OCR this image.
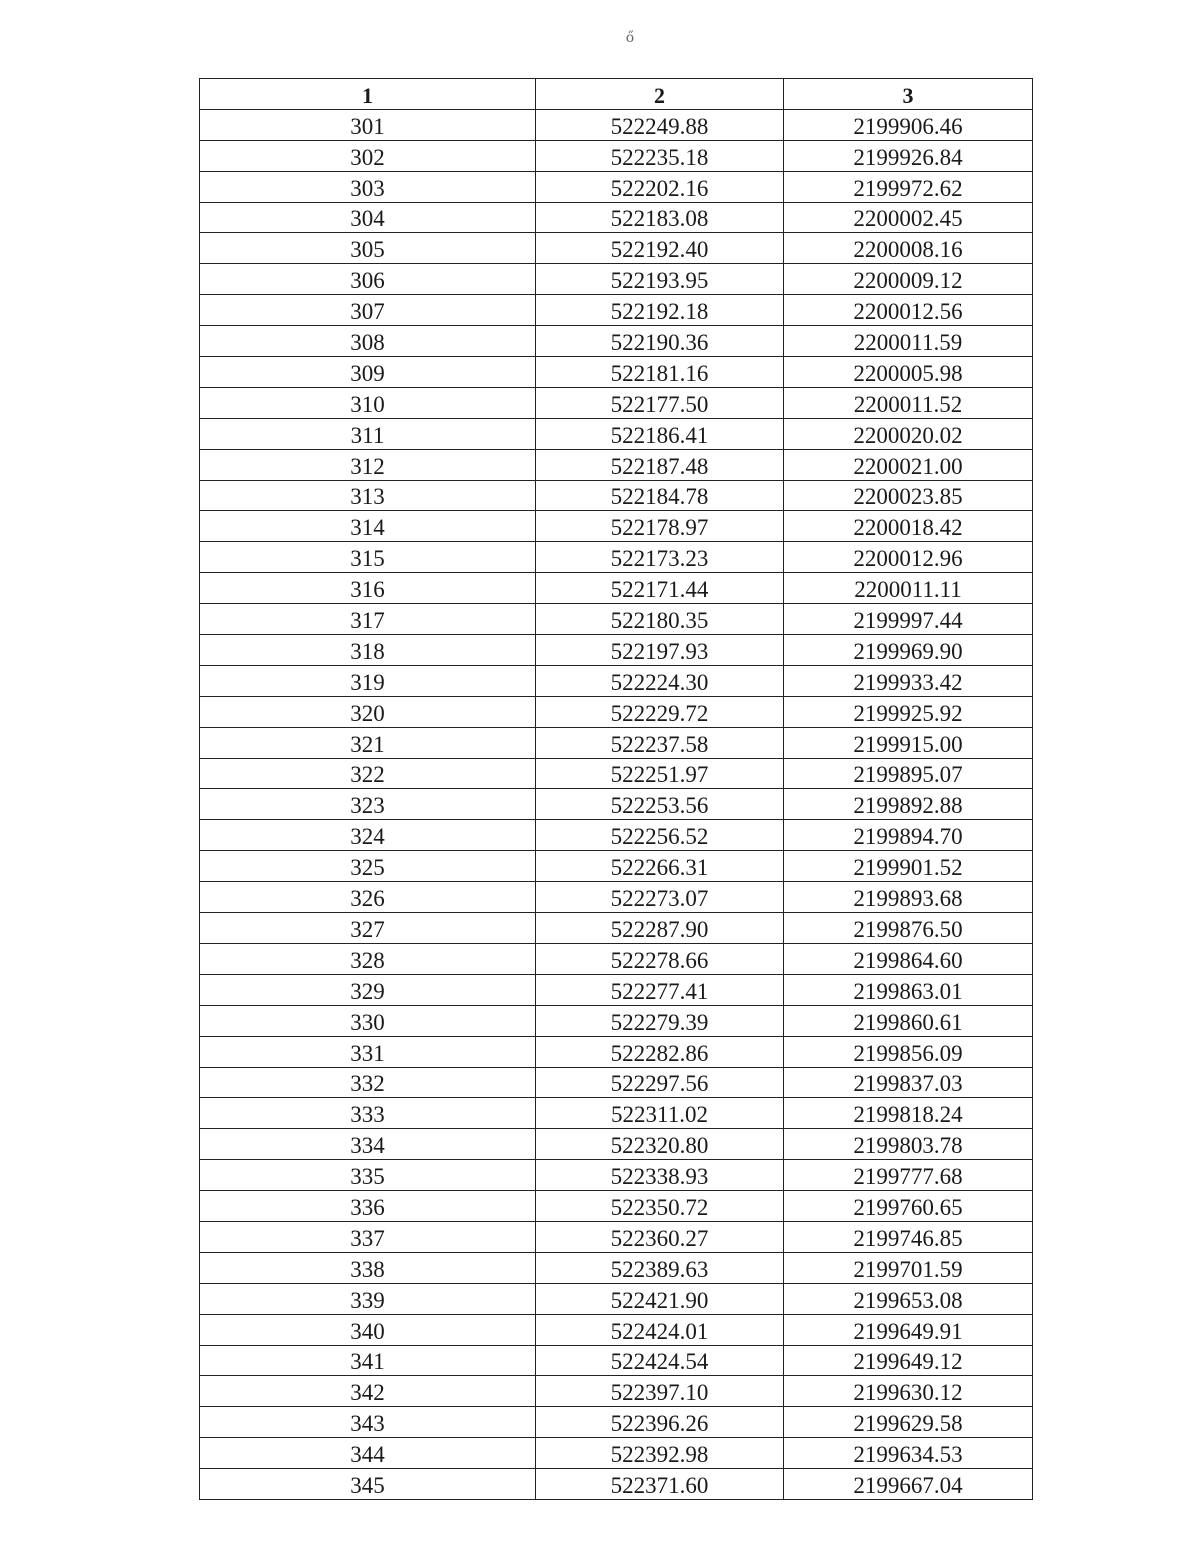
ő
1	2	3
301	522249.88	2199906.46
302	522235.18	2199926.84
303	522202.16	2199972.62
304	522183.08	2200002.45
305	522192.40	2200008.16
306	522193.95	2200009.12
307	522192.18	2200012.56
308	522190.36	2200011.59
309	522181.16	2200005.98
310	522177.50	2200011.52
311	522186.41	2200020.02
312	522187.48	2200021.00
313	522184.78	2200023.85
314	522178.97	2200018.42
315	522173.23	2200012.96
316	522171.44	2200011.11
317	522180.35	2199997.44
318	522197.93	2199969.90
319	522224.30	2199933.42
320	522229.72	2199925.92
321	522237.58	2199915.00
322	522251.97	2199895.07
323	522253.56	2199892.88
324	522256.52	2199894.70
325	522266.31	2199901.52
326	522273.07	2199893.68
327	522287.90	2199876.50
328	522278.66	2199864.60
329	522277.41	2199863.01
330	522279.39	2199860.61
331	522282.86	2199856.09
332	522297.56	2199837.03
333	522311.02	2199818.24
334	522320.80	2199803.78
335	522338.93	2199777.68
336	522350.72	2199760.65
337	522360.27	2199746.85
338	522389.63	2199701.59
339	522421.90	2199653.08
340	522424.01	2199649.91
341	522424.54	2199649.12
342	522397.10	2199630.12
343	522396.26	2199629.58
344	522392.98	2199634.53
345	522371.60	2199667.04
